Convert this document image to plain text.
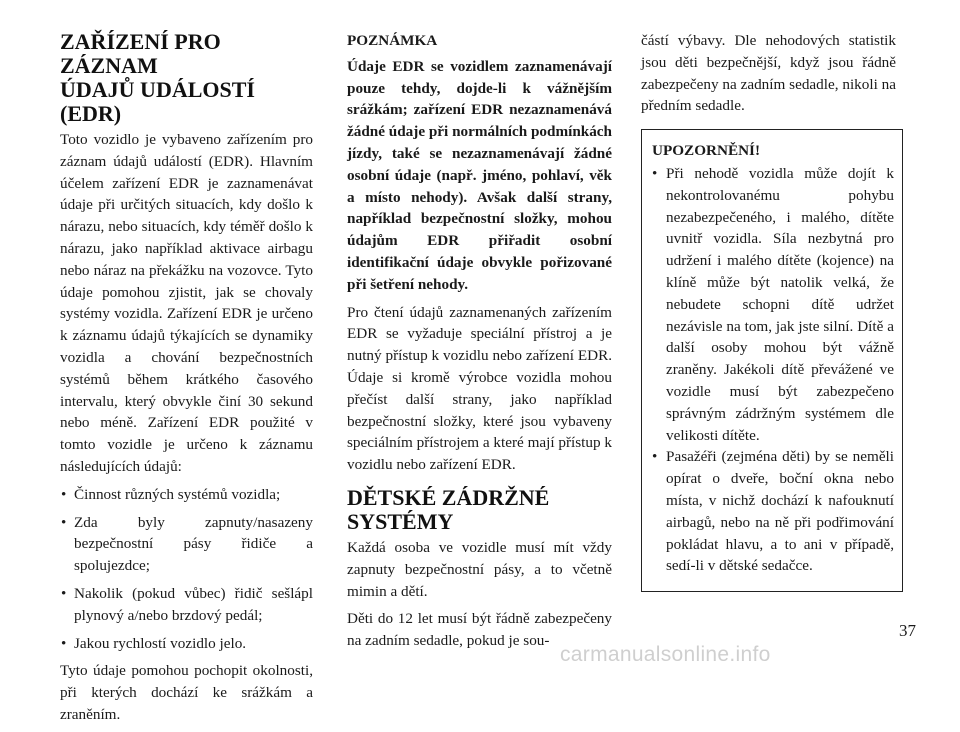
ZAŘÍZENÍ PRO ZÁZNAM
ÚDAJŮ UDÁLOSTÍ (EDR)

Toto vozidlo je vybaveno zařízením pro záznam údajů událostí (EDR). Hlavním účelem zařízení EDR je zaznamenávat údaje při určitých situacích, kdy došlo k nárazu, nebo situacích, kdy téměř došlo k nárazu, jako například aktivace airbagu nebo náraz na překážku na vozovce. Tyto údaje pomohou zjistit, jak se chovaly systémy vozidla. Zařízení EDR je určeno k záznamu údajů týkajících se dynamiky vozidla a chování bezpečnostních systémů během krátkého časového intervalu, který obvykle činí 30 sekund nebo méně. Zařízení EDR použité v tomto vozidle je určeno k záznamu následujících údajů:

• Činnost různých systémů vozidla;
• Zda byly zapnuty/nasazeny bezpečnostní pásy řidiče a spolujezdce;
• Nakolik (pokud vůbec) řidič sešlápl plynový a/nebo brzdový pedál;
• Jakou rychlostí vozidlo jelo.

Tyto údaje pomohou pochopit okolnosti, při kterých dochází ke srážkám a zraněním.

POZNÁMKA

Údaje EDR se vozidlem zaznamenávají pouze tehdy, dojde-li k vážnějším srážkám; zařízení EDR nezaznamenává žádné údaje při normálních podmínkách jízdy, také se nezaznamenávají žádné osobní údaje (např. jméno, pohlaví, věk a místo nehody). Avšak další strany, například bezpečnostní složky, mohou údajům EDR přiřadit osobní identifikační údaje obvykle pořizované při šetření nehody.

Pro čtení údajů zaznamenaných zařízením EDR se vyžaduje speciální přístroj a je nutný přístup k vozidlu nebo zařízení EDR. Údaje si kromě výrobce vozidla mohou přečíst další strany, jako například bezpečnostní složky, které jsou vybaveny speciálním přístrojem a které mají přístup k vozidlu nebo zařízení EDR.

DĚTSKÉ ZÁDRŽNÉ
SYSTÉMY

Každá osoba ve vozidle musí mít vždy zapnuty bezpečnostní pásy, a to včetně mimin a dětí.

Děti do 12 let musí být řádně zabezpečeny na zadním sedadle, pokud je sou-

částí výbavy. Dle nehodových statistik jsou děti bezpečnější, když jsou řádně zabezpečeny na zadním sedadle, nikoli na předním sedadle.

UPOZORNĚNÍ!

• Při nehodě vozidla může dojít k nekontrolovanému pohybu nezabezpečeného, i malého, dítěte uvnitř vozidla. Síla nezbytná pro udržení i malého dítěte (kojence) na klíně může být natolik velká, že nebudete schopni dítě udržet nezávisle na tom, jak jste silní. Dítě a další osoby mohou být vážně zraněny. Jakékoli dítě převážené ve vozidle musí být zabezpečeno správným zádržným systémem dle velikosti dítěte.
• Pasažéři (zejména děti) by se neměli opírat o dveře, boční okna nebo místa, v nichž dochází k nafouknutí airbagů, nebo na ně při podřimování pokládat hlavu, a to ani v případě, sedí-li v dětské sedačce.
37
carmanualsonline.info
